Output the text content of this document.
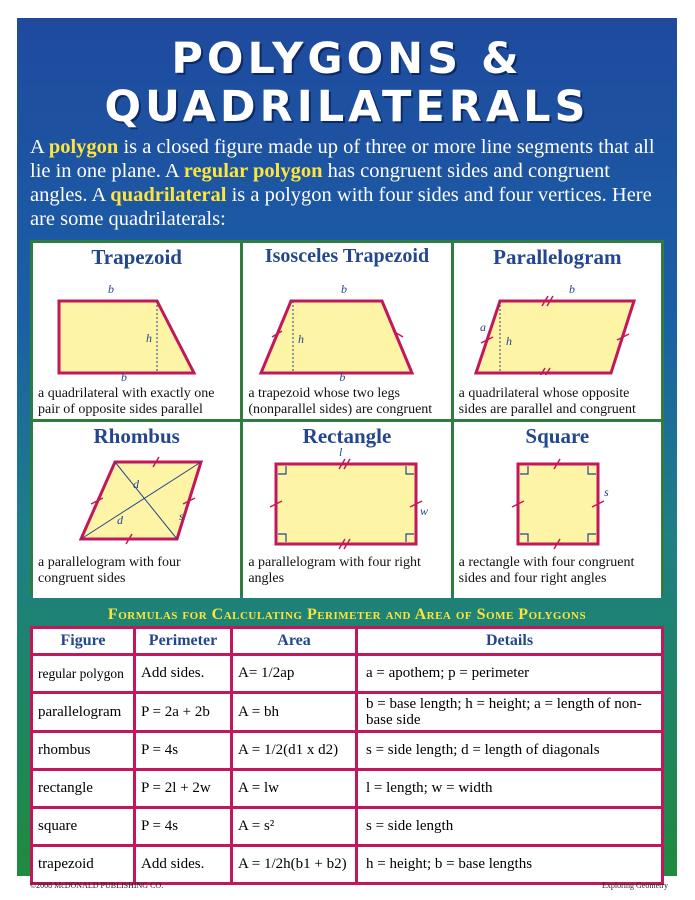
POLYGONS &
QUADRILATERALS
A polygon is a closed figure made up of three or more line segments that all lie in one plane. A regular polygon has congruent sides and congruent angles. A quadrilateral is a polygon with four sides and four vertices. Here are some quadrilaterals:
Trapezoid
b
h
b
a quadrilateral with exactly one pair of opposite sides parallel
Isosceles Trapezoid
b
h
b
a trapezoid whose two legs (nonparallel sides) are congruent
Parallelogram
b
a
h
a quadrilateral whose opposite sides are parallel and congruent
Rhombus
d
d	s
a parallelogram with four congruent sides
Rectangle
l
w
a parallelogram with four right angles
Square
s
a rectangle with four congruent sides and four right angles
Formulas for Calculating Perimeter and Area of Some Polygons
Figure	Perimeter	Area	Details
regular polygon	Add sides.	A= 1/2ap	a = apothem; p = perimeter
parallelogram	P = 2a + 2b	A = bh	b = base length; h = height; a = length of non-base side
rhombus	P = 4s	A = 1/2(d1 x d2)	s = side length; d = length of diagonals
rectangle	P = 2l + 2w	A = lw	l = length; w = width
square	P = 4s	A = s²	s = side length
trapezoid	Add sides.	A = 1/2h(b1 + b2)	h = height; b = base lengths
©2008 McDONALD PUBLISHING CO.	Exploring Geometry
